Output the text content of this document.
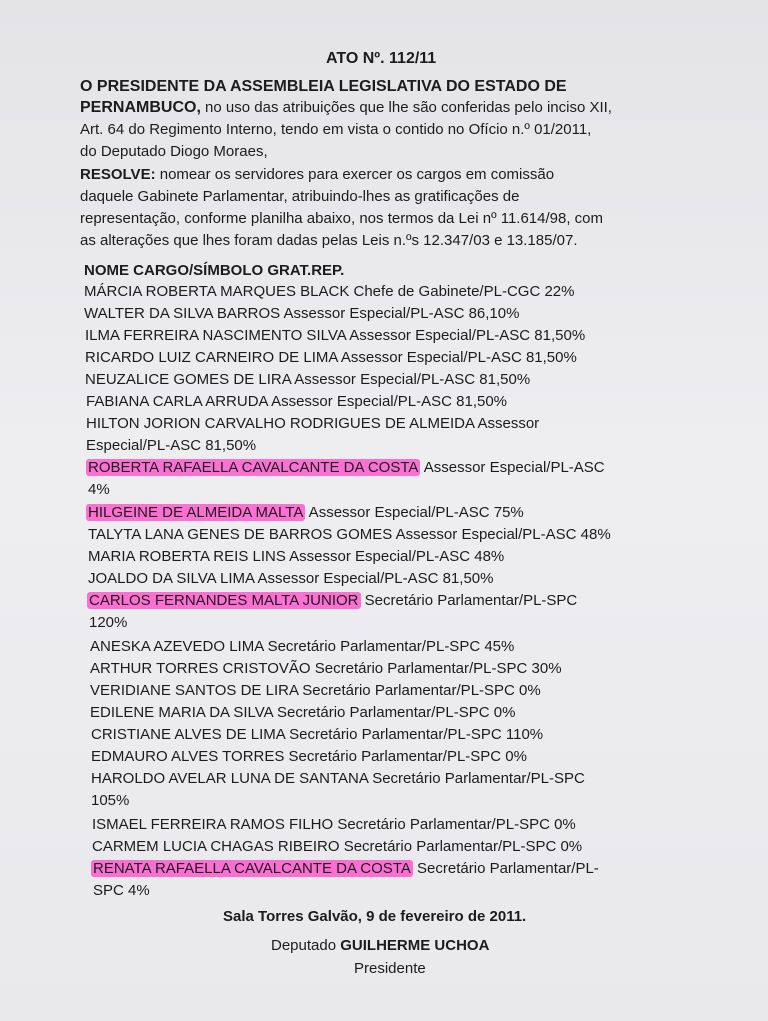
ATO Nº. 112/11
O PRESIDENTE DA ASSEMBLEIA LEGISLATIVA DO ESTADO DE
PERNAMBUCO, no uso das atribuições que lhe são conferidas pelo inciso XII,
Art. 64 do Regimento Interno, tendo em vista o contido no Ofício n.º 01/2011,
do Deputado Diogo Moraes,
RESOLVE: nomear os servidores para exercer os cargos em comissão
daquele Gabinete Parlamentar, atribuindo-lhes as gratificações de
representação, conforme planilha abaixo, nos termos da Lei nº 11.614/98, com
as alterações que lhes foram dadas pelas Leis n.ºs 12.347/03 e 13.185/07.
NOME CARGO/SÍMBOLO GRAT.REP.
MÁRCIA ROBERTA MARQUES BLACK Chefe de Gabinete/PL-CGC 22%
WALTER DA SILVA BARROS Assessor Especial/PL-ASC 86,10%
ILMA FERREIRA NASCIMENTO SILVA Assessor Especial/PL-ASC 81,50%
RICARDO LUIZ CARNEIRO DE LIMA Assessor Especial/PL-ASC 81,50%
NEUZALICE GOMES DE LIRA Assessor Especial/PL-ASC 81,50%
FABIANA CARLA ARRUDA Assessor Especial/PL-ASC 81,50%
HILTON JORION CARVALHO RODRIGUES DE ALMEIDA Assessor
Especial/PL-ASC 81,50%
ROBERTA RAFAELLA CAVALCANTE DA COSTA Assessor Especial/PL-ASC
4%
HILGEINE DE ALMEIDA MALTA Assessor Especial/PL-ASC 75%
TALYTA LANA GENES DE BARROS GOMES Assessor Especial/PL-ASC 48%
MARIA ROBERTA REIS LINS Assessor Especial/PL-ASC 48%
JOALDO DA SILVA LIMA Assessor Especial/PL-ASC 81,50%
CARLOS FERNANDES MALTA JUNIOR Secretário Parlamentar/PL-SPC
120%
ANESKA AZEVEDO LIMA Secretário Parlamentar/PL-SPC 45%
ARTHUR TORRES CRISTOVÃO Secretário Parlamentar/PL-SPC 30%
VERIDIANE SANTOS DE LIRA Secretário Parlamentar/PL-SPC 0%
EDILENE MARIA DA SILVA Secretário Parlamentar/PL-SPC 0%
CRISTIANE ALVES DE LIMA Secretário Parlamentar/PL-SPC 110%
EDMAURO ALVES TORRES Secretário Parlamentar/PL-SPC 0%
HAROLDO AVELAR LUNA DE SANTANA Secretário Parlamentar/PL-SPC
105%
ISMAEL FERREIRA RAMOS FILHO Secretário Parlamentar/PL-SPC 0%
CARMEM LUCIA CHAGAS RIBEIRO Secretário Parlamentar/PL-SPC 0%
RENATA RAFAELLA CAVALCANTE DA COSTA Secretário Parlamentar/PL-
SPC 4%
Sala Torres Galvão, 9 de fevereiro de 2011.
Deputado GUILHERME UCHOA
Presidente
